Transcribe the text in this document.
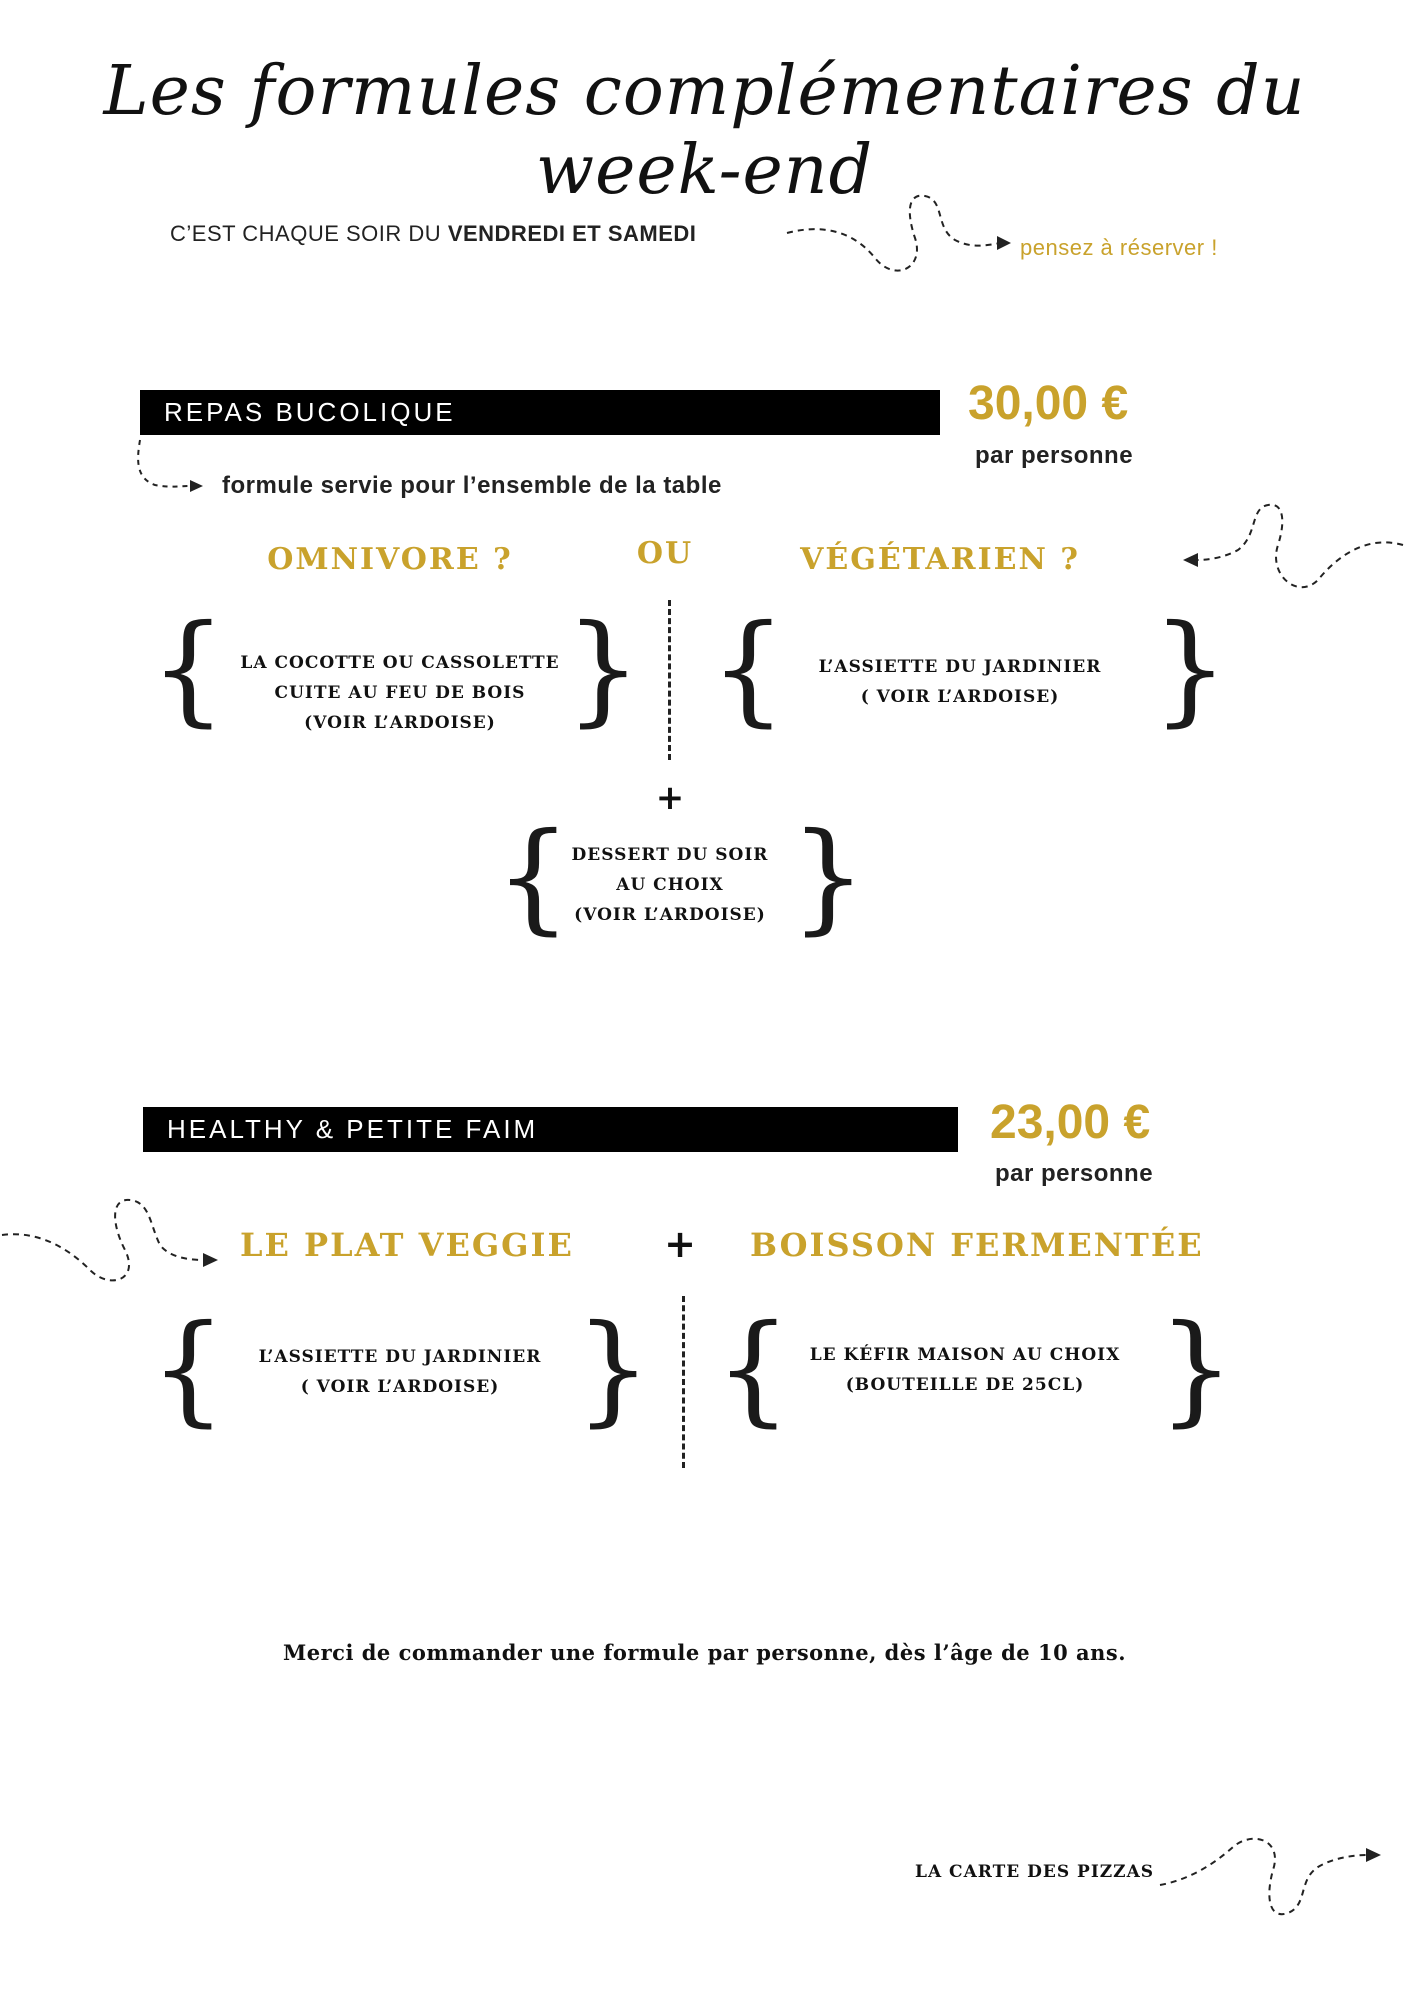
Les formules complémentaires du week-end
C’EST CHAQUE SOIR DU VENDREDI ET SAMEDI
pensez à réserver !
REPAS BUCOLIQUE	30,00 €
par personne
formule servie pour l’ensemble de la table
OMNIVORE ?	OU	VÉGÉTARIEN ?
{ LA COCOTTE OU CASSOLETTE
CUITE AU FEU DE BOIS
(VOIR L’ARDOISE) } {	L’ASSIETTE DU JARDINIER
( VOIR L’ARDOISE) }
+
{ DESSERT DU SOIR
AU CHOIX
(VOIR L’ARDOISE) }
HEALTHY & PETITE FAIM	23,00 €
par personne
LE PLAT VEGGIE	+	BOISSON FERMENTÉE
{	L’ASSIETTE DU JARDINIER
( VOIR L’ARDOISE) } {	LE KÉFIR MAISON AU CHOIX
(BOUTEILLE DE 25CL) }
Merci de commander une formule par personne, dès l’âge de 10 ans.
LA CARTE DES PIZZAS
